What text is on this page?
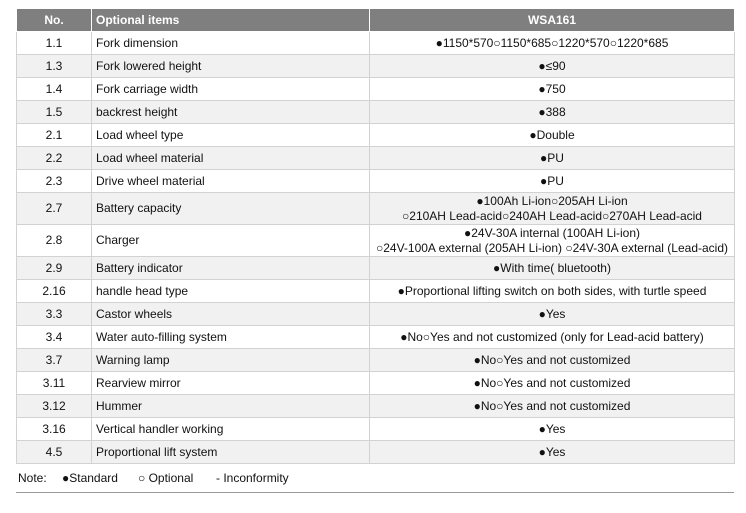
No.	Optional items	WSA161
1.1	Fork dimension	●1150*570○1150*685○1220*570○1220*685

1.3	Fork lowered height	●≤90

1.4	Fork carriage width	●750

1.5	backrest height	●388

2.1	Load wheel type	●Double

2.2	Load wheel material	●PU

2.3	Drive wheel material	●PU

2.7	Battery capacity	●100Ah Li-ion○205AH Li-ion
○210AH Lead-acid○240AH Lead-acid○270AH Lead-acid

2.8	Charger	●24V-30A internal (100AH Li-ion)
○24V-100A external (205AH Li-ion) ○24V-30A external (Lead-acid)

2.9	Battery indicator	●With time( bluetooth)

2.16	handle head type	●Proportional lifting switch on both sides, with turtle speed

3.3	Castor wheels	●Yes

3.4	Water auto-filling system	●No○Yes and not customized (only for Lead-acid battery)

3.7	Warning lamp	●No○Yes and not customized

3.11	Rearview mirror	●No○Yes and not customized

3.12	Hummer	●No○Yes and not customized

3.16	Vertical handler working	●Yes

4.5	Proportional lift system	●Yes
Note:	●Standard	○ Optional	- Inconformity
